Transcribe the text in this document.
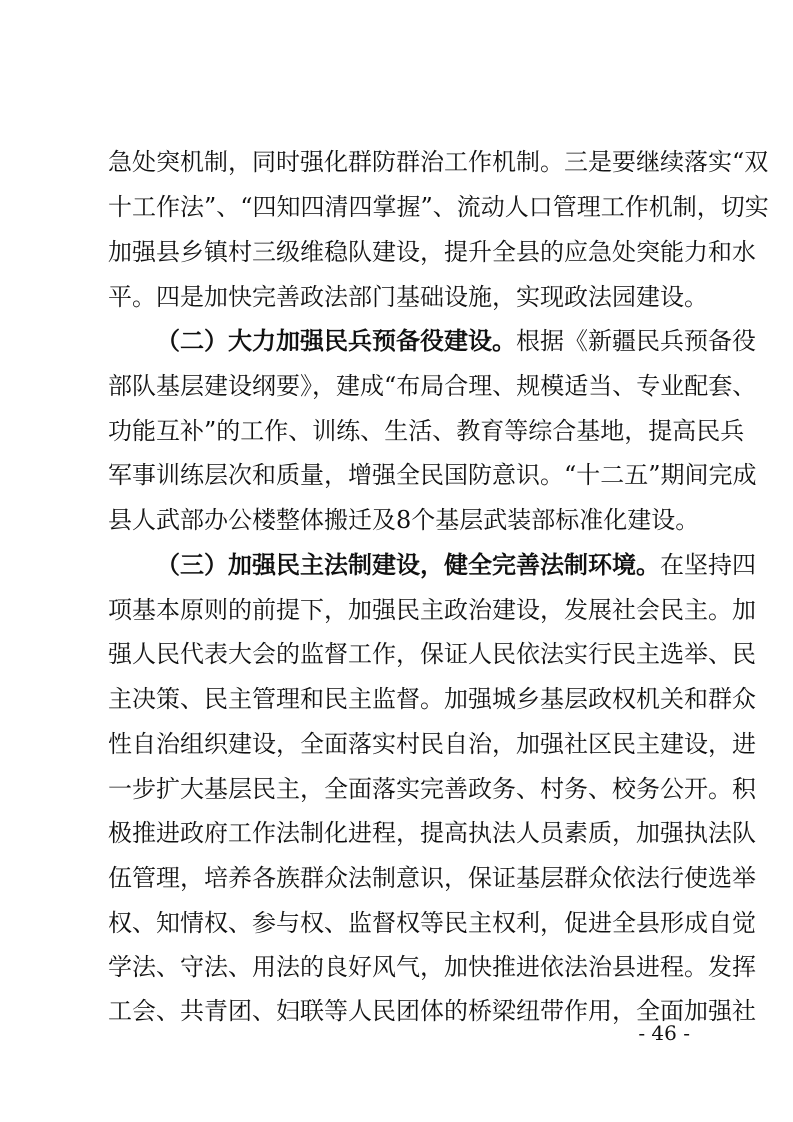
急处突机制，同时强化群防群治工作机制。三是要继续落实“双
十工作法”、“四知四清四掌握”、流动人口管理工作机制，切实
加强县乡镇村三级维稳队建设，提升全县的应急处突能力和水
平。四是加快完善政法部门基础设施，实现政法园建设。
（二）大力加强民兵预备役建设。根据《新疆民兵预备役
部队基层建设纲要》，建成“布局合理、规模适当、专业配套、
功能互补”的工作、训练、生活、教育等综合基地，提高民兵
军事训练层次和质量，增强全民国防意识。“十二五”期间完成
县人武部办公楼整体搬迁及8个基层武装部标准化建设。
（三）加强民主法制建设，健全完善法制环境。在坚持四
项基本原则的前提下，加强民主政治建设，发展社会民主。加
强人民代表大会的监督工作，保证人民依法实行民主选举、民
主决策、民主管理和民主监督。加强城乡基层政权机关和群众
性自治组织建设，全面落实村民自治，加强社区民主建设，进
一步扩大基层民主，全面落实完善政务、村务、校务公开。积
极推进政府工作法制化进程，提高执法人员素质，加强执法队
伍管理，培养各族群众法制意识，保证基层群众依法行使选举
权、知情权、参与权、监督权等民主权利，促进全县形成自觉
学法、守法、用法的良好风气，加快推进依法治县进程。发挥
工会、共青团、妇联等人民团体的桥梁纽带作用，全面加强社
- 46 -
